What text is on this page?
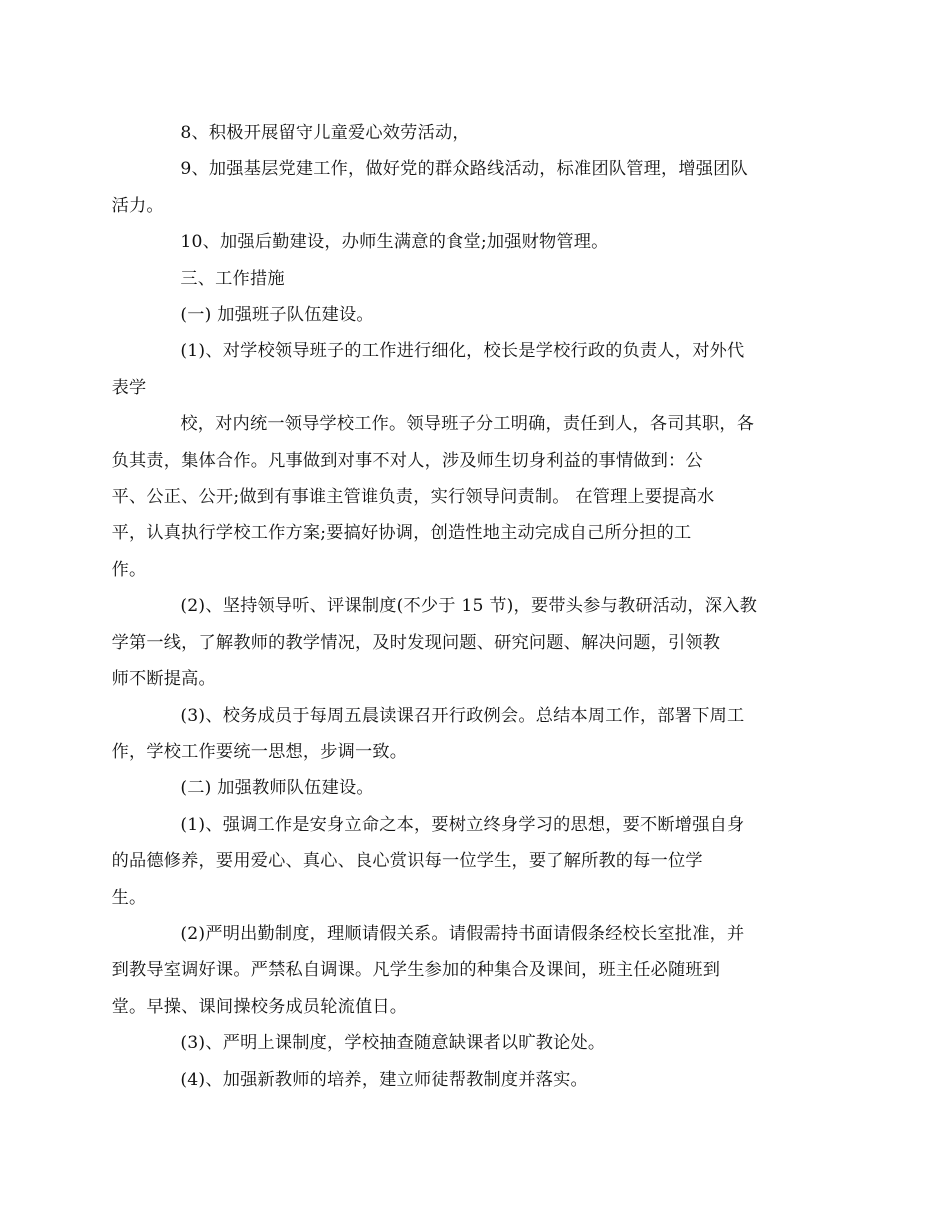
8、积极开展留守儿童爱心效劳活动，

9、加强基层党建工作，做好党的群众路线活动，标准团队管理，增强团队
活力。

10、加强后勤建设，办师生满意的食堂;加强财物管理。

三、工作措施

(一) 加强班子队伍建设。

(1)、对学校领导班子的工作进行细化，校长是学校行政的负责人，对外代
表学

校，对内统一领导学校工作。领导班子分工明确，责任到人，各司其职，各
负其责，集体合作。凡事做到对事不对人，涉及师生切身利益的事情做到：公
平、公正、公开;做到有事谁主管谁负责，实行领导问责制。 在管理上要提高水
平，认真执行学校工作方案;要搞好协调，创造性地主动完成自己所分担的工
作。

(2)、坚持领导听、评课制度(不少于 15 节)，要带头参与教研活动，深入教
学第一线，了解教师的教学情况，及时发现问题、研究问题、解决问题，引领教
师不断提高。

(3)、校务成员于每周五晨读课召开行政例会。总结本周工作，部署下周工
作，学校工作要统一思想，步调一致。

(二) 加强教师队伍建设。

(1)、强调工作是安身立命之本，要树立终身学习的思想，要不断增强自身
的品德修养，要用爱心、真心、良心赏识每一位学生，要了解所教的每一位学
生。

(2)严明出勤制度，理顺请假关系。请假需持书面请假条经校长室批准，并
到教导室调好课。严禁私自调课。凡学生参加的种集合及课间，班主任必随班到
堂。早操、课间操校务成员轮流值日。

(3)、严明上课制度，学校抽查随意缺课者以旷教论处。

(4)、加强新教师的培养，建立师徒帮教制度并落实。
